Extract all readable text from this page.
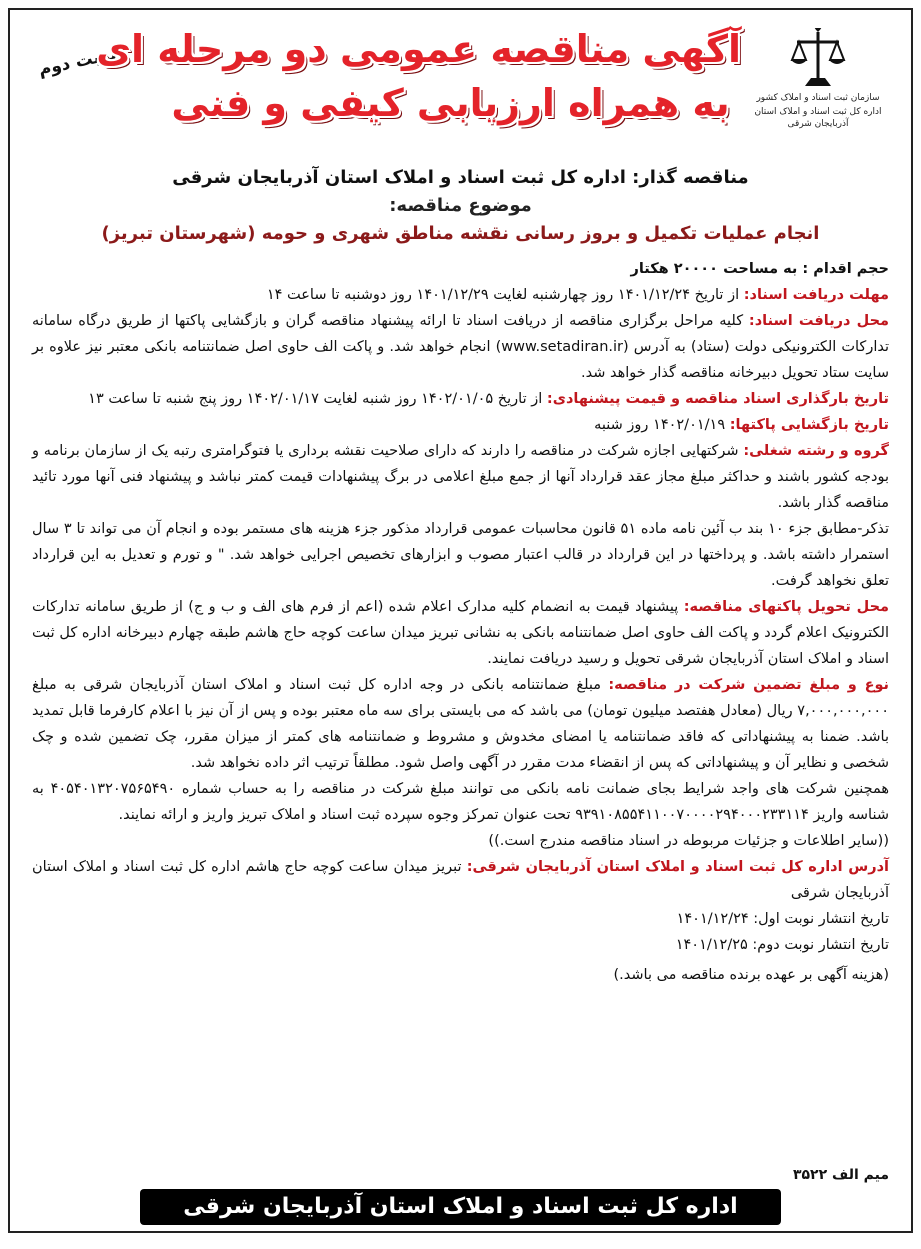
سازمان ثبت اسناد و املاک کشور
اداره کل ثبت اسناد و املاک استان آذربایجان شرقی
نوبت دوم
آگهی مناقصه عمومی دو مرحله ای
به همراه ارزیابی کیفی و فنی
مناقصه گذار: اداره کل ثبت اسناد و املاک استان آذربایجان شرقی
موضوع مناقصه:
انجام عملیات تکمیل و بروز رسانی نقشه مناطق شهری و حومه (شهرستان تبریز)

حجم اقدام : به مساحت ۲۰۰۰۰ هکتار

مهلت دریافت اسناد: از تاریخ ۱۴۰۱/۱۲/۲۴ روز چهارشنبه لغایت ۱۴۰۱/۱۲/۲۹ روز دوشنبه تا ساعت ۱۴

محل دریافت اسناد: کلیه مراحل برگزاری مناقصه از دریافت اسناد تا ارائه پیشنهاد مناقصه گران و بازگشایی پاکتها از طریق درگاه سامانه تدارکات الکترونیکی دولت (ستاد) به آدرس (www.setadiran.ir) انجام خواهد شد. و پاکت الف حاوی اصل ضمانتنامه بانکی معتبر نیز علاوه بر سایت ستاد تحویل دبیرخانه مناقصه گذار خواهد شد.

تاریخ بارگذاری اسناد مناقصه و قیمت پیشنهادی: از تاریخ ۱۴۰۲/۰۱/۰۵ روز شنبه لغایت ۱۴۰۲/۰۱/۱۷ روز پنج شنبه تا ساعت ۱۳

تاریخ بازگشایی پاکتها: ۱۴۰۲/۰۱/۱۹ روز شنبه

گروه و رشته شغلی: شرکتهایی اجازه شرکت در مناقصه را دارند که دارای صلاحیت نقشه برداری یا فتوگرامتری رتبه یک از سازمان برنامه و بودجه کشور باشند و حداکثر مبلغ مجاز عقد قرارداد آنها از جمع مبلغ اعلامی در برگ پیشنهادات قیمت کمتر نباشد و پیشنهاد فنی آنها مورد تائید مناقصه گذار باشد.

تذکر-مطابق جزء ۱۰ بند ب آئین نامه ماده ۵۱ قانون محاسبات عمومی قرارداد مذکور جزء هزینه های مستمر بوده و انجام آن می تواند تا ۳ سال استمرار داشته باشد. و پرداختها در این قرارداد در قالب اعتبار مصوب و ابزارهای تخصیص اجرایی خواهد شد. " و تورم و تعدیل به این قرارداد تعلق نخواهد گرفت.

محل تحویل پاکتهای مناقصه: پیشنهاد قیمت به انضمام کلیه مدارک اعلام شده (اعم از فرم های الف و ب و ج) از طریق سامانه تدارکات الکترونیک اعلام گردد و پاکت الف حاوی اصل ضمانتنامه بانکی به نشانی تبریز میدان ساعت کوچه حاج هاشم طبقه چهارم دبیرخانه اداره کل ثبت اسناد و املاک استان آذربایجان شرقی تحویل و رسید دریافت نمایند.

نوع و مبلغ تضمین شرکت در مناقصه: مبلغ ضمانتنامه بانکی در وجه اداره کل ثبت اسناد و املاک استان آذربایجان شرقی به مبلغ ۷,۰۰۰,۰۰۰,۰۰۰ ریال (معادل هفتصد میلیون تومان) می باشد که می بایستی برای سه ماه معتبر بوده و پس از آن نیز با اعلام کارفرما قابل تمدید باشد. ضمنا به پیشنهاداتی که فاقد ضمانتنامه یا امضای مخدوش و مشروط و ضمانتنامه های کمتر از میزان مقرر، چک تضمین شده و چک شخصی و نظایر آن و پیشنهاداتی که پس از انقضاء مدت مقرر در آگهی واصل شود. مطلقاً ترتیب اثر داده نخواهد شد.

همچنین شرکت های واجد شرایط بجای ضمانت نامه بانکی می توانند مبلغ شرکت در مناقصه را به حساب شماره ۴۰۵۴۰۱۳۲۰۷۵۶۵۴۹۰ به شناسه واریز ۹۳۹۱۰۸۵۵۴۱۱۰۰۷۰۰۰۰۲۹۴۰۰۰۲۳۳۱۱۴ تحت عنوان تمرکز وجوه سپرده ثبت اسناد و املاک تبریز واریز و ارائه نمایند.

((سایر اطلاعات و جزئیات مربوطه در اسناد مناقصه مندرج است.))

آدرس اداره کل ثبت اسناد و املاک استان آذربایجان شرقی: تبریز میدان ساعت کوچه حاج هاشم اداره کل ثبت اسناد و املاک استان آذربایجان شرقی

تاریخ انتشار نوبت اول: ۱۴۰۱/۱۲/۲۴

تاریخ انتشار نوبت دوم: ۱۴۰۱/۱۲/۲۵

(هزینه آگهی بر عهده برنده مناقصه می باشد.)

میم الف ۳۵۲۲
اداره کل ثبت اسناد و املاک استان آذربایجان شرقی
